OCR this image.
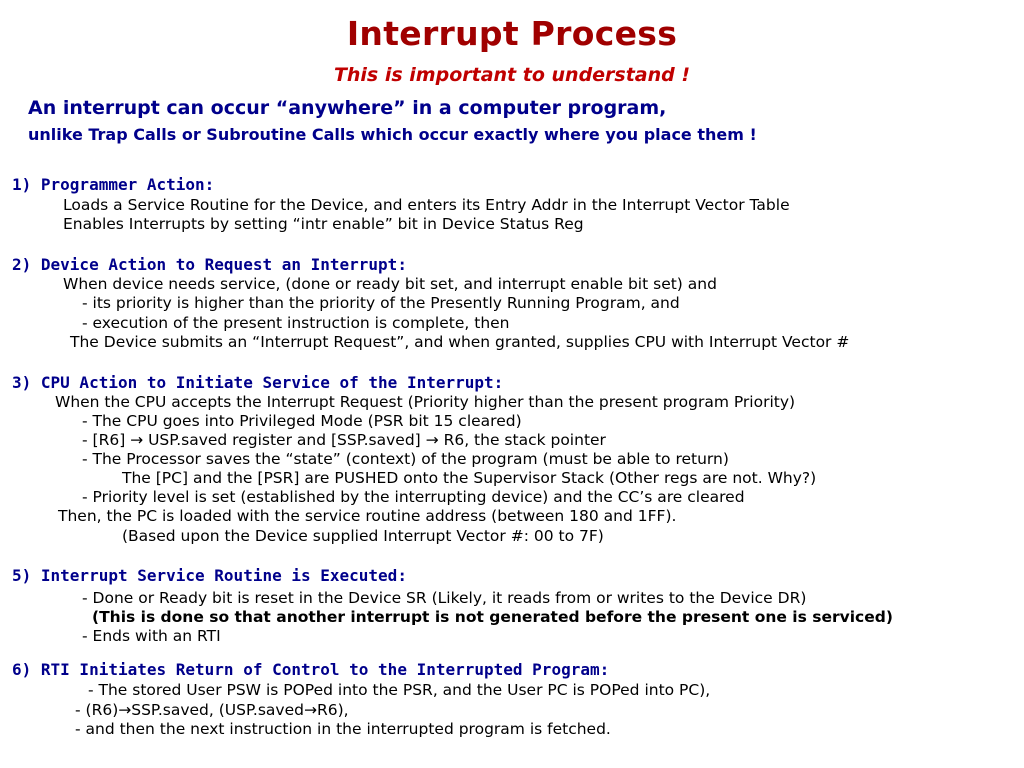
Interrupt Process
This is important to understand !
An interrupt can occur “anywhere” in a computer program,
unlike Trap Calls or Subroutine Calls which occur exactly where you place them !
1) Programmer Action:
Loads a Service Routine for the Device, and enters its Entry Addr in the Interrupt Vector Table
Enables Interrupts by setting “intr enable” bit in Device Status Reg
2) Device Action to Request an Interrupt:
When device needs service, (done or ready bit set, and interrupt enable bit set) and
- its priority is higher than the priority of the Presently Running Program, and
- execution of the present instruction is complete, then
The Device submits an “Interrupt Request”, and when granted, supplies CPU with Interrupt Vector #
3) CPU Action to Initiate Service of the Interrupt:
When the CPU accepts the Interrupt Request (Priority higher than the present program Priority)
- The CPU goes into Privileged Mode (PSR bit 15 cleared)
- [R6] → USP.saved register and [SSP.saved] → R6, the stack pointer
- The Processor saves the “state” (context) of the program (must be able to return)
The [PC] and the [PSR] are PUSHED onto the Supervisor Stack (Other regs are not. Why?)
- Priority level is set (established by the interrupting device) and the CC’s are cleared
Then, the PC is loaded with the service routine address (between 180 and 1FF).
(Based upon the Device supplied Interrupt Vector #: 00 to 7F)
5) Interrupt Service Routine is Executed:
- Done or Ready bit is reset in the Device SR (Likely, it reads from or writes to the Device DR)
(This is done so that another interrupt is not generated before the present one is serviced)
- Ends with an RTI
6) RTI Initiates Return of Control to the Interrupted Program:
- The stored User PSW is POPed into the PSR, and the User PC is POPed into PC),
- (R6)→SSP.saved, (USP.saved→R6),
- and then the next instruction in the interrupted program is fetched.
